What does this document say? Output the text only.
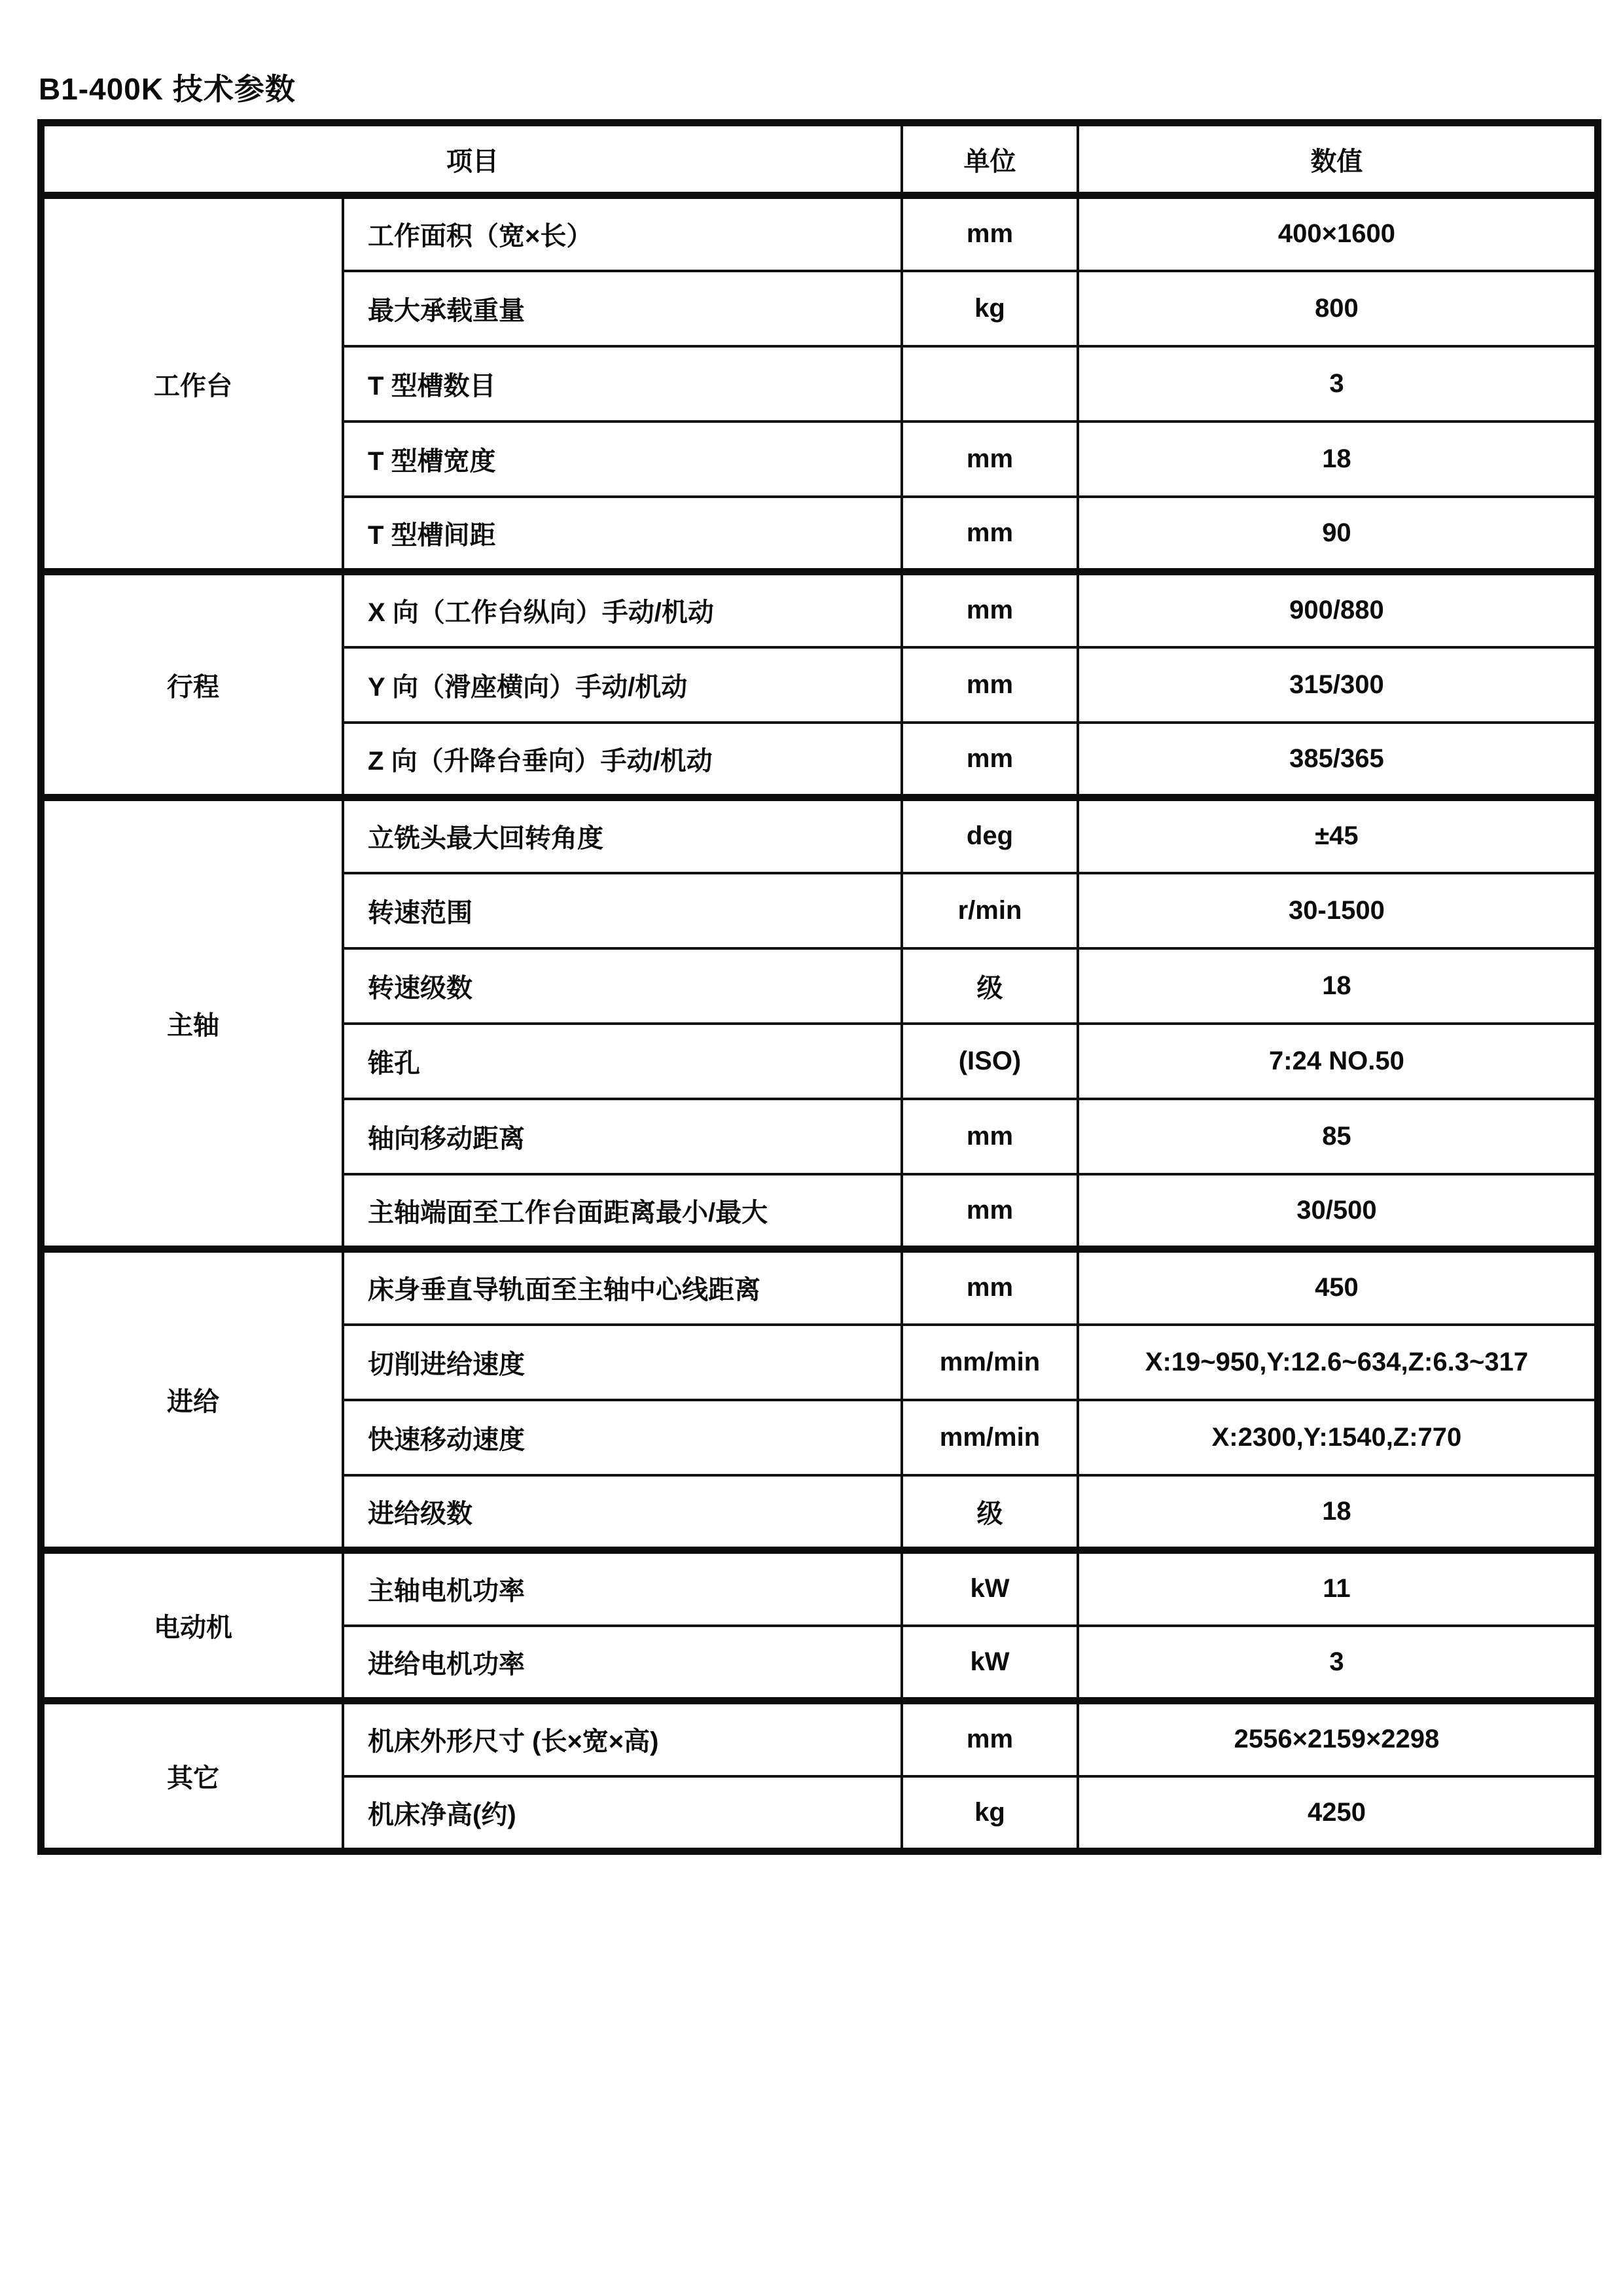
B1-400K 技术参数
项目		单位	数值
工作台	工作面积（宽×长）	mm	400×1600
	最大承载重量	kg	800
	T 型槽数目		3
	T 型槽宽度	mm	18
	T 型槽间距	mm	90
行程	X 向（工作台纵向）手动/机动	mm	900/880
	Y 向（滑座横向）手动/机动	mm	315/300
	Z 向（升降台垂向）手动/机动	mm	385/365
主轴	立铣头最大回转角度	deg	±45
	转速范围	r/min	30-1500
	转速级数	级	18
	锥孔	(ISO)	7:24 NO.50
	轴向移动距离	mm	85
	主轴端面至工作台面距离最小/最大	mm	30/500
进给	床身垂直导轨面至主轴中心线距离	mm	450
	切削进给速度	mm/min	X:19~950,Y:12.6~634,Z:6.3~317
	快速移动速度	mm/min	X:2300,Y:1540,Z:770
	进给级数	级	18
电动机	主轴电机功率	kW	11
	进给电机功率	kW	3
其它	机床外形尺寸 (长×宽×高)	mm	2556×2159×2298
	机床净高(约)	kg	4250
